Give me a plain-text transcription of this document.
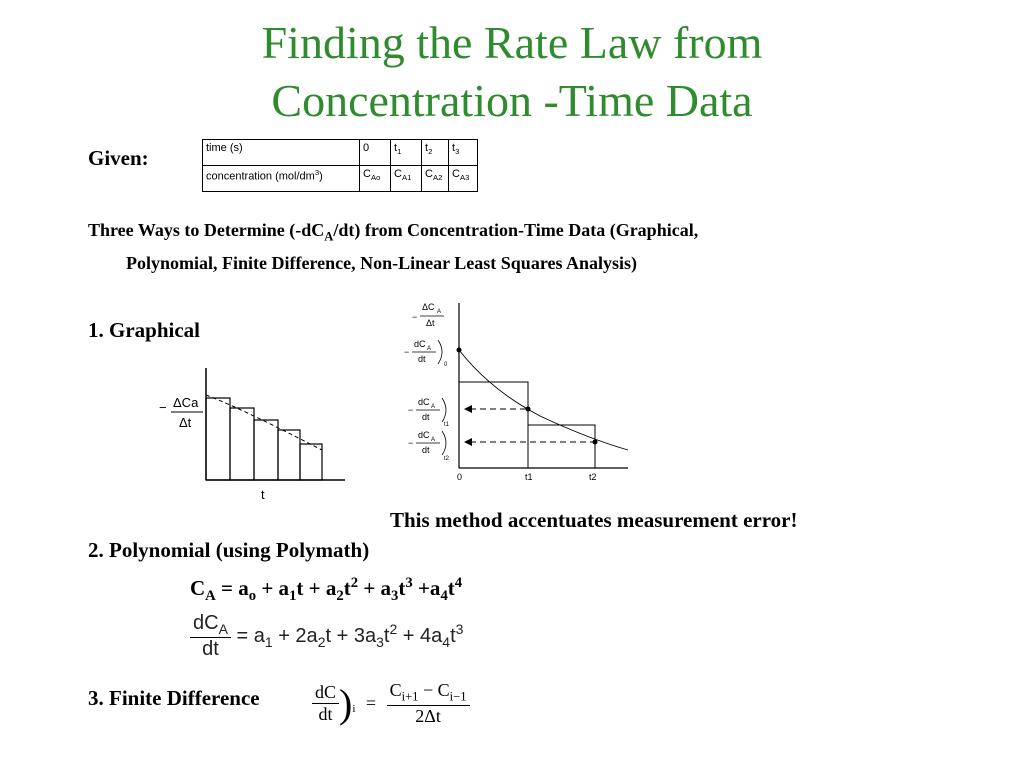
Finding the Rate Law from
Concentration -Time Data
Given:	time (s)	0	$t_1$	$t_2$	$t_3$
concentration $(mol/dm^3)$	$C_{Ao}$	$C_{A1}$	$C_{A2}$	$C_{A3}$
Three Ways to Determine $(-dC_A/dt)$ from Concentration-Time Data (Graphical,
Polynomial, Finite Difference, Non-Linear Least Squares Analysis)
1. Graphical
− ΔCa
Δt
t
−
ΔC A
Δt
−
dC A
dt
0
−
dC A
dt
t1
−
dC A
dt
t2
0	t1	t2
This method accentuates measurement error!
2. Polynomial (using Polymath)
$C_A = a_o + a_1t + a_2t^2 + a_3t^3 +a_4t^4$
$\frac{dC_A}{dt} = a_1 + 2a_2t + 3a_3t^2 + 4a_4t^3$
3. Finite Difference	$\frac{dC}{dt} )_i = \frac{C_{i+1} - C_{i-1}}{2\Delta t}$
